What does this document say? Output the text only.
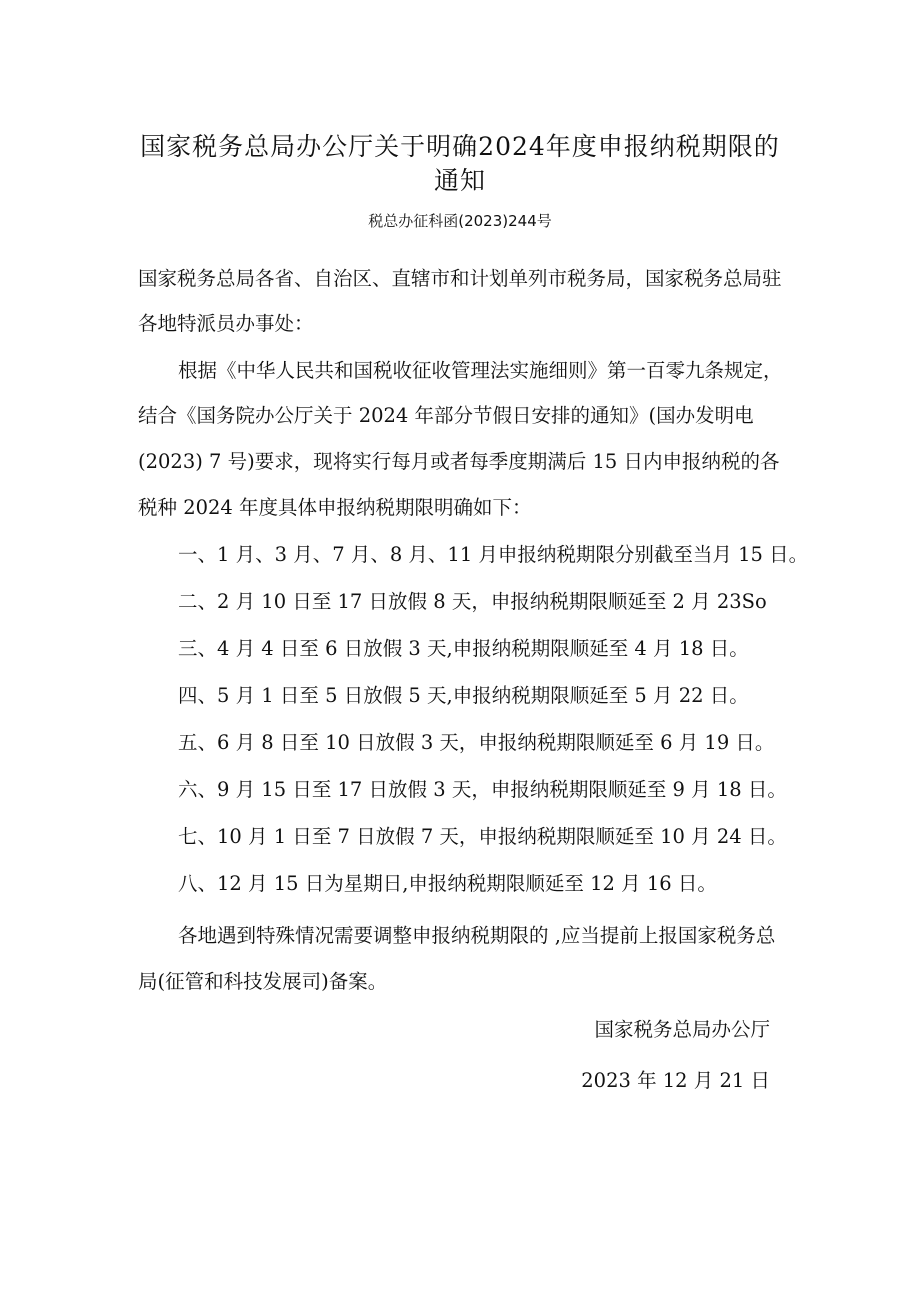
国家税务总局办公厅关于明确2024年度申报纳税期限的
通知
税总办征科函(2023)244号

国家税务总局各省、自治区、直辖市和计划单列市税务局，国家税务总局驻

各地特派员办事处：

根据《中华人民共和国税收征收管理法实施细则》第一百零九条规定，

结合《国务院办公厅关于 2024 年部分节假日安排的通知》(国办发明电

(2023) 7 号)要求，现将实行每月或者每季度期满后 15 日内申报纳税的各

税种 2024 年度具体申报纳税期限明确如下：

一、1 月、3 月、7 月、8 月、11 月申报纳税期限分别截至当月 15 日。

二、2 月 10 日至 17 日放假 8 天，申报纳税期限顺延至 2 月 23So

三、4 月 4 日至 6 日放假 3 天,申报纳税期限顺延至 4 月 18 日。

四、5 月 1 日至 5 日放假 5 天,申报纳税期限顺延至 5 月 22 日。

五、6 月 8 日至 10 日放假 3 天，申报纳税期限顺延至 6 月 19 日。

六、9 月 15 日至 17 日放假 3 天，申报纳税期限顺延至 9 月 18 日。

七、10 月 1 日至 7 日放假 7 天，申报纳税期限顺延至 10 月 24 日。

八、12 月 15 日为星期日,申报纳税期限顺延至 12 月 16 日。

各地遇到特殊情况需要调整申报纳税期限的 ,应当提前上报国家税务总

局(征管和科技发展司)备案。

国家税务总局办公厅
2023 年 12 月 21 日
